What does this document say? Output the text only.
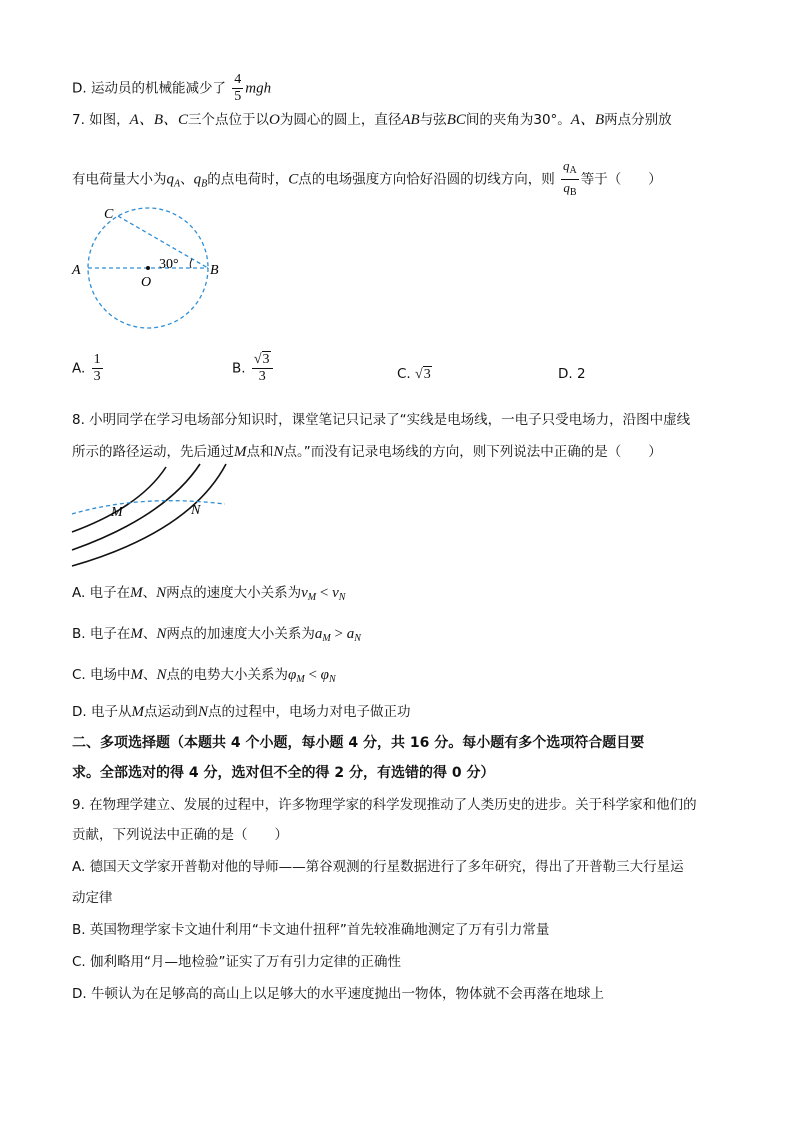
D. 运动员的机械能减少了 $\frac{4}{5}$ mgh
7. 如图，A、B、C三个点位于以O为圆心的圆上，直径AB与弦BC间的夹角为30°。A、B两点分别放
有电荷量大小为$q_A$、$q_B$的点电荷时，C点的电场强度方向恰好沿圆的切线方向，则 $\frac{q_A}{q_B}$ 等于（　　）
A	B
C
O
30°
A. $\frac{1}{3}$	B. $\frac{√3}{3}$	C. √3	D. 2
8. 小明同学在学习电场部分知识时，课堂笔记只记录了“实线是电场线，一电子只受电场力，沿图中虚线
所示的路径运动，先后通过M点和N点。”而没有记录电场线的方向，则下列说法中正确的是（　　）
M	N
A. 电子在M、N两点的速度大小关系为$v_M < v_N$
B. 电子在M、N两点的加速度大小关系为$a_M > a_N$
C. 电场中M、N点的电势大小关系为$\varphi_M < \varphi_N$
D. 电子从M点运动到N点的过程中，电场力对电子做正功
二、多项选择题（本题共 4 个小题，每小题 4 分，共 16 分。每小题有多个选项符合题目要
求。全部选对的得 4 分，选对但不全的得 2 分，有选错的得 0 分）
9. 在物理学建立、发展的过程中，许多物理学家的科学发现推动了人类历史的进步。关于科学家和他们的
贡献，下列说法中正确的是（　　）
A. 德国天文学家开普勒对他的导师——第谷观测的行星数据进行了多年研究，得出了开普勒三大行星运
动定律
B. 英国物理学家卡文迪什利用“卡文迪什扭秤”首先较准确地测定了万有引力常量
C. 伽利略用“月—地检验”证实了万有引力定律的正确性
D. 牛顿认为在足够高的高山上以足够大的水平速度抛出一物体，物体就不会再落在地球上
